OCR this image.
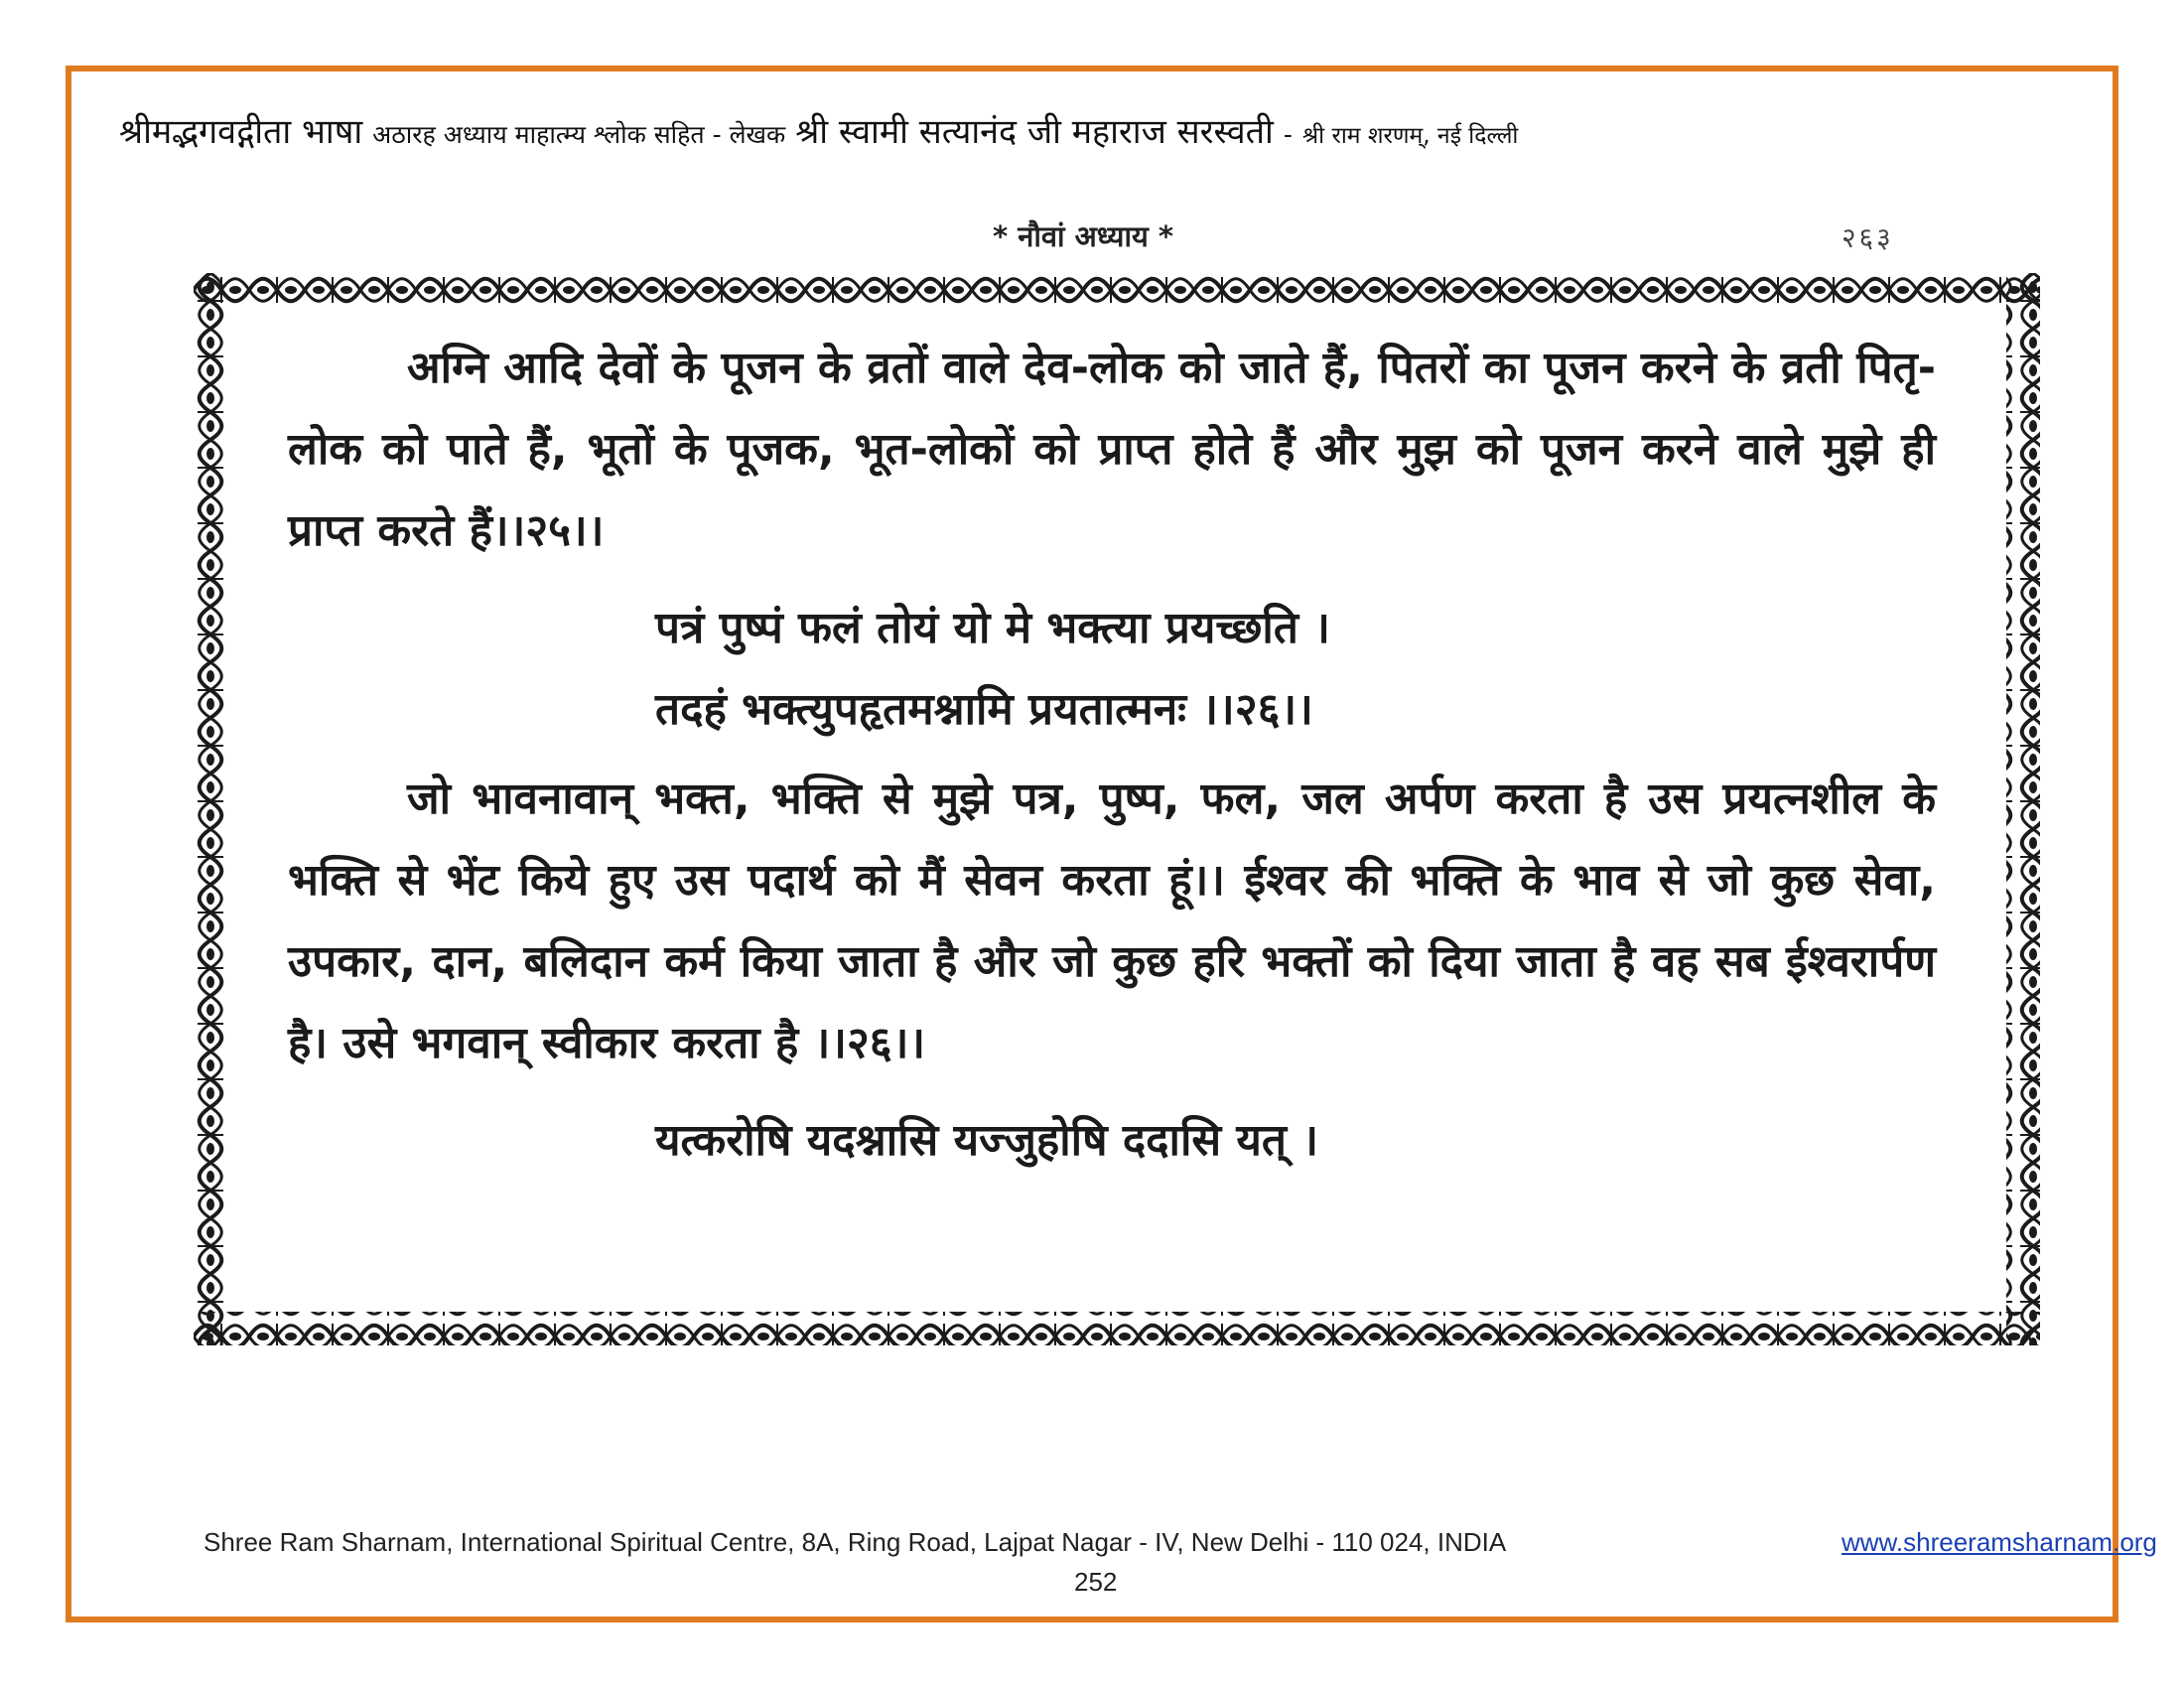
श्रीमद्भगवद्गीता भाषा अठारह अध्याय माहात्म्य श्लोक सहित - लेखक श्री स्वामी सत्यानंद जी महाराज सरस्वती - श्री राम शरणम्, नई दिल्ली
* नौवां अध्याय *	२६३

अग्नि आदि देवों के पूजन के व्रतों वाले देव-लोक को जाते हैं, पितरों का पूजन करने के व्रती पितृ-लोक को पाते हैं, भूतों के पूजक, भूत-लोकों को प्राप्त होते हैं और मुझ को पूजन करने वाले मुझे ही प्राप्त करते हैं।।२५।।

पत्रं पुष्पं फलं तोयं यो मे भक्त्या प्रयच्छति ।

तदहं भक्त्युपहृतमश्नामि प्रयतात्मनः ।।२६।।

जो भावनावान् भक्त, भक्ति से मुझे पत्र, पुष्प, फल, जल अर्पण करता है उस प्रयत्नशील के भक्ति से भेंट किये हुए उस पदार्थ को मैं सेवन करता हूं।। ईश्वर की भक्ति के भाव से जो कुछ सेवा, उपकार, दान, बलिदान कर्म किया जाता है और जो कुछ हरि भक्तों को दिया जाता है वह सब ईश्वरार्पण है। उसे भगवान् स्वीकार करता है ।।२६।।

यत्करोषि यदश्नासि यज्जुहोषि ददासि यत् ।

Shree Ram Sharnam, International Spiritual Centre, 8A, Ring Road, Lajpat Nagar - IV, New Delhi - 110 024, INDIA	www.shreeramsharnam.org
252
